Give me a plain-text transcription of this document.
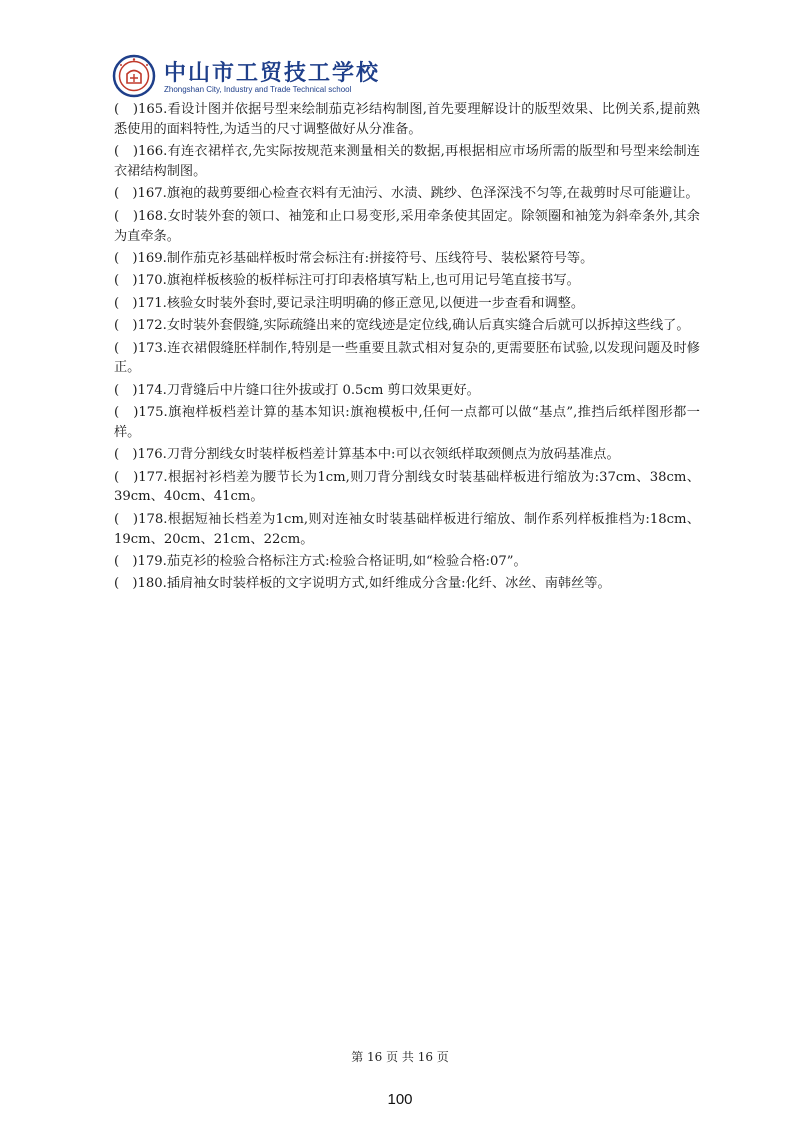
中山市工贸技工学校
Zhongshan City, Industry and Trade Technical school

(　)165.看设计图并依据号型来绘制茄克衫结构制图,首先要理解设计的版型效果、比例关系,提前熟悉使用的面料特性,为适当的尺寸调整做好从分准备。

(　)166.有连衣裙样衣,先实际按规范来测量相关的数据,再根据相应市场所需的版型和号型来绘制连衣裙结构制图。

(　)167.旗袍的裁剪要细心检查衣料有无油污、水渍、跳纱、色泽深浅不匀等,在裁剪时尽可能避让。

(　)168.女时装外套的领口、袖笼和止口易变形,采用牵条使其固定。除领圈和袖笼为斜牵条外,其余为直牵条。

(　)169.制作茄克衫基础样板时常会标注有:拼接符号、压线符号、装松紧符号等。

(　)170.旗袍样板核验的板样标注可打印表格填写粘上,也可用记号笔直接书写。

(　)171.核验女时装外套时,要记录注明明确的修正意见,以便进一步查看和调整。

(　)172.女时装外套假缝,实际疏缝出来的宽线迹是定位线,确认后真实缝合后就可以拆掉这些线了。

(　)173.连衣裙假缝胚样制作,特别是一些重要且款式相对复杂的,更需要胚布试验,以发现问题及时修正。

(　)174.刀背缝后中片缝口往外拔或打 0.5cm 剪口效果更好。

(　)175.旗袍样板档差计算的基本知识:旗袍模板中,任何一点都可以做“基点”,推挡后纸样图形都一样。

(　)176.刀背分割线女时装样板档差计算基本中:可以衣领纸样取颈侧点为放码基准点。

(　)177.根据衬衫档差为腰节长为1cm,则刀背分割线女时装基础样板进行缩放为:37cm、38cm、39cm、40cm、41cm。

(　)178.根据短袖长档差为1cm,则对连袖女时装基础样板进行缩放、制作系列样板推档为:18cm、19cm、20cm、21cm、22cm。

(　)179.茄克衫的检验合格标注方式:检验合格证明,如“检验合格:07”。

(　)180.插肩袖女时装样板的文字说明方式,如纤维成分含量:化纤、冰丝、南韩丝等。

第 16 页 共 16 页
100
